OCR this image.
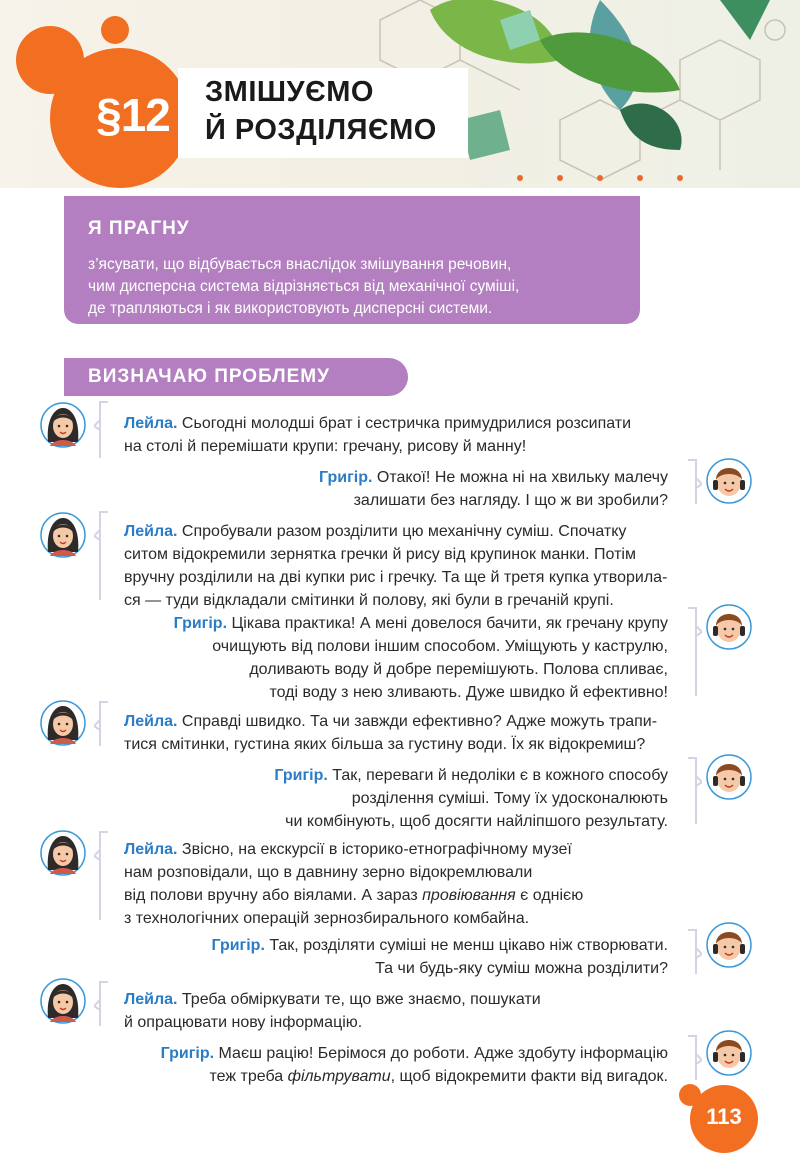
§12	ЗМІШУЄМО
Й РОЗДІЛЯЄМО
Я ПРАГНУ
з’ясувати, що відбувається внаслідок змішування речовин,
чим дисперсна система відрізняється від механічної суміші,
де трапляються і як використовують дисперсні системи.
ВИЗНАЧАЮ ПРОБЛЕМУ
Лейла. Сьогодні молодші брат і сестричка примудрилися розсипати
на столі й перемішати крупи: гречану, рисову й манну!
Григір. Отакої! Не можна ні на хвильку малечу
залишати без нагляду. І що ж ви зробили?
Лейла. Спробували разом розділити цю механічну суміш. Спочатку
ситом відокремили зернятка гречки й рису від крупинок манки. Потім
вручну розділили на дві купки рис і гречку. Та ще й третя купка утворила-
ся — туди відкладали смітинки й полову, які були в гречаній крупі.
Григір. Цікава практика! А мені довелося бачити, як гречану крупу
очищують від полови іншим способом. Уміщують у каструлю,
доливають воду й добре перемішують. Полова спливає,
тоді воду з нею зливають. Дуже швидко й ефективно!
Лейла. Справді швидко. Та чи завжди ефективно? Адже можуть трапи-
тися смітинки, густина яких більша за густину води. Їх як відокремиш?
Григір. Так, переваги й недоліки є в кожного способу
розділення суміші. Тому їх удосконалюють
чи комбінують, щоб досягти найліпшого результату.
Лейла. Звісно, на екскурсії в історико-етнографічному музеї
нам розповідали, що в давнину зерно відокремлювали
від полови вручну або віялами. А зараз провіювання є однією
з технологічних операцій зернозбирального комбайна.
Григір. Так, розділяти суміші не менш цікаво ніж створювати.
Та чи будь-яку суміш можна розділити?
Лейла. Треба обміркувати те, що вже знаємо, пошукати
й опрацювати нову інформацію.
Григір. Маєш рацію! Берімося до роботи. Адже здобуту інформацію
теж треба фільтрувати, щоб відокремити факти від вигадок.
113
